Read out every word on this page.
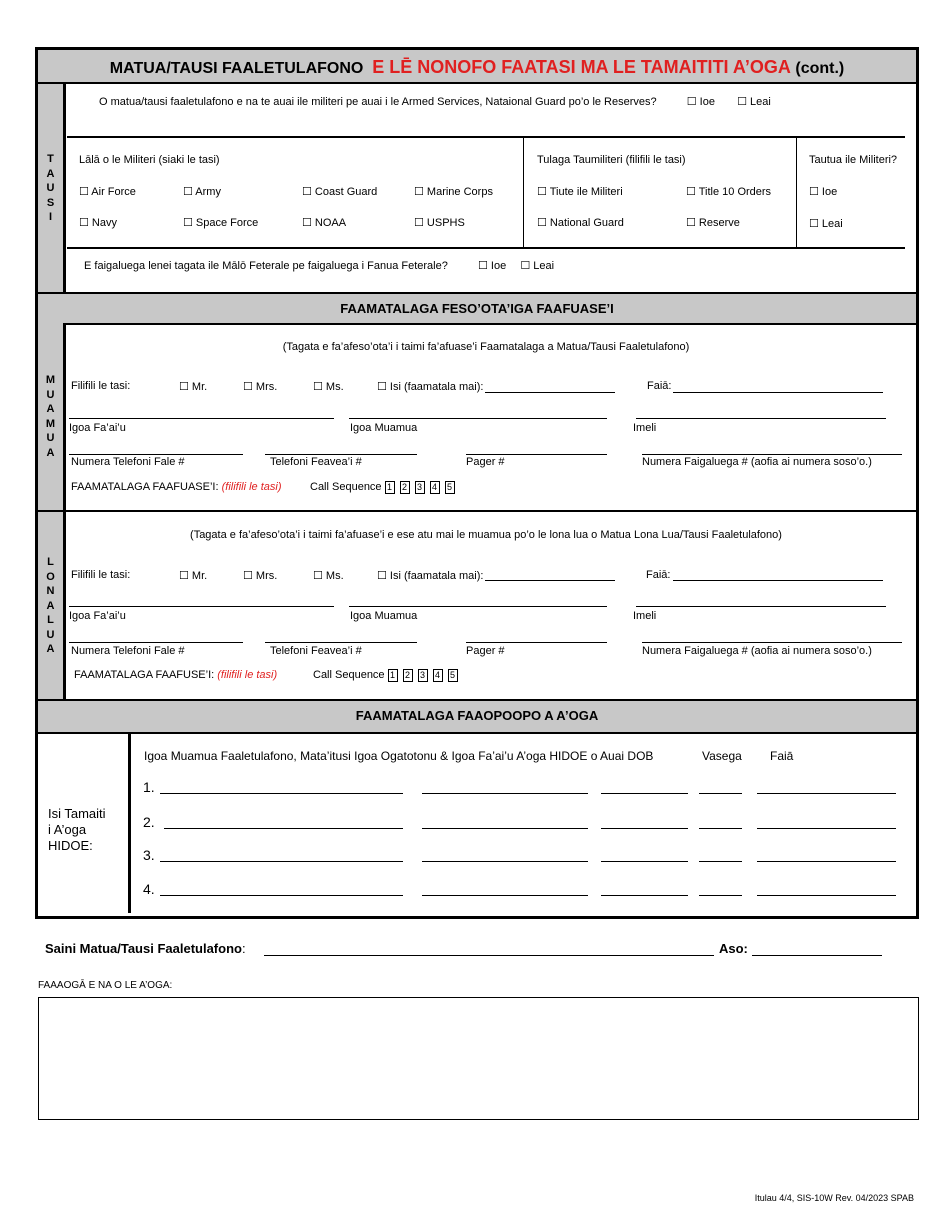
MATUA/TAUSI FAALETULAFONO E LĒ NONOFO FAATASI MA LE TAMAITITI A’OGA (cont.)
T
A
U
S
I
O matua/tausi faaletulafono e na te auai ile militeri pe auai i le Armed Services, Nataional Guard po’o le Reserves?	☐ Ioe ☐ Leai
Lālā o le Militeri (siaki le tasi)
☐ Air Force	☐ Army	☐ Coast Guard	☐ Marine Corps
☐ Navy	☐ Space Force	☐ NOAA	☐ USPHS
Tulaga Taumiliteri (filifili le tasi)
☐ Tiute ile Militeri	☐ Title 10 Orders
☐ National Guard	☐ Reserve
Tautua ile Militeri?
☐ Ioe
☐ Leai
E faigaluega lenei tagata ile Mālō Feterale pe faigaluega i Fanua Feterale?	☐ Ioe ☐ Leai
FAAMATALAGA FESO’OTA’IGA FAAFUASE’I
M
U
A
M
U
A
(Tagata e fa’afeso’ota’i i taimi fa’afuase’i Faamatalaga a Matua/Tausi Faaletulafono)
Filifili le tasi:	☐ Mr.	☐ Mrs.	☐ Ms.	☐ Isi (faamatala mai):	Faiā:
Igoa Fa’ai’u	Igoa Muamua	Imeli
Numera Telefoni Fale #	Telefoni Feavea’i #	Pager #	Numera Faigaluega # (aofia ai numera soso’o.)
FAAMATALAGA FAAFUASE’I: (filifili le tasi)	Call Sequence 1 2 3 4 5
L
O
N
A
L
U
A
(Tagata e fa’afeso’ota’i i taimi fa’afuase’i e ese atu mai le muamua po’o le lona lua o Matua Lona Lua/Tausi Faaletulafono)
Filifili le tasi:	☐ Mr.	☐ Mrs.	☐ Ms.	☐ Isi (faamatala mai):	Faiā:
Igoa Fa’ai’u	Igoa Muamua	Imeli
Numera Telefoni Fale #	Telefoni Feavea’i #	Pager #	Numera Faigaluega # (aofia ai numera soso’o.)
FAAMATALAGA FAAFUSE’I: (filifili le tasi)	Call Sequence 1 2 3 4 5
FAAMATALAGA FAAOPOOPO A A’OGA
Isi Tamaiti
i A’oga
HIDOE:
Igoa Muamua Faaletulafono, Mata’itusi Igoa Ogatotonu & Igoa Fa’ai’u A’oga HIDOE o Auai DOB	Vasega Faiā
1.
2.
3.
4.
Saini Matua/Tausi Faaletulafono:	Aso:
FAAAOGĀ E NA O LE A’OGA:
Itulau 4/4, SIS-10W Rev. 04/2023 SPAB
